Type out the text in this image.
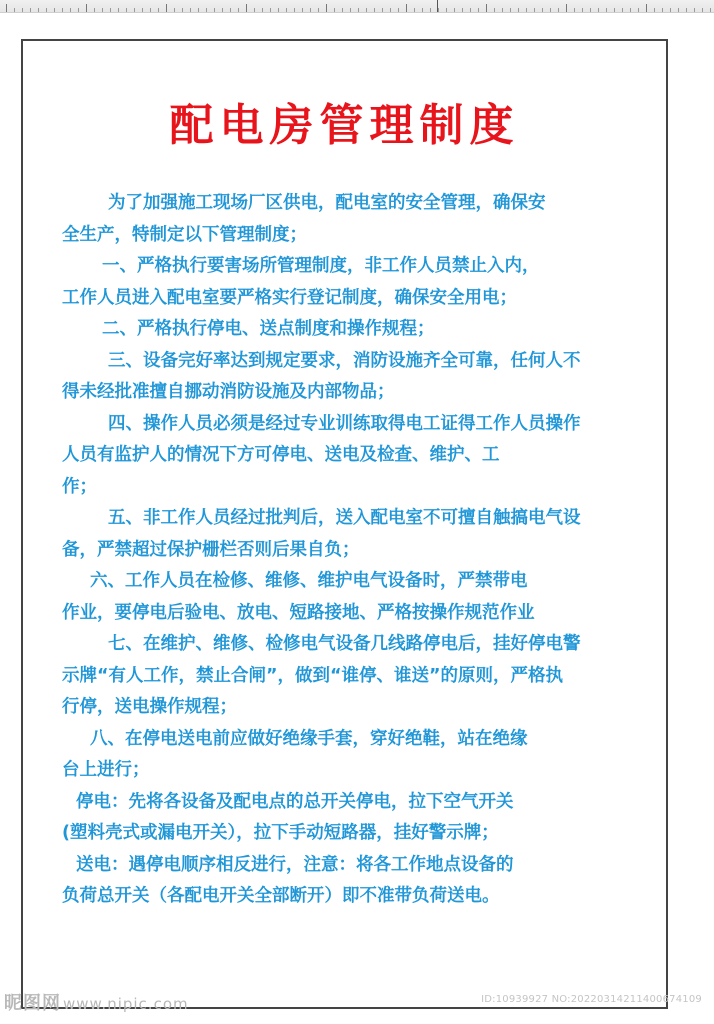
配电房管理制度
为了加强施工现场厂区供电，配电室的安全管理，确保安
全生产，特制定以下管理制度；
一、严格执行要害场所管理制度，非工作人员禁止入内，
工作人员进入配电室要严格实行登记制度，确保安全用电；
二、严格执行停电、送点制度和操作规程；
三、设备完好率达到规定要求，消防设施齐全可靠，任何人不
得未经批准擅自挪动消防设施及内部物品；
四、操作人员必须是经过专业训练取得电工证得工作人员操作
人员有监护人的情况下方可停电、送电及检查、维护、工
作；
五、非工作人员经过批判后，送入配电室不可擅自触搞电气设
备，严禁超过保护栅栏否则后果自负；
六、工作人员在检修、维修、维护电气设备时，严禁带电
作业，要停电后验电、放电、短路接地、严格按操作规范作业
七、在维护、维修、检修电气设备几线路停电后，挂好停电警
示牌“有人工作，禁止合闸”，做到“谁停、谁送”的原则，严格执
行停，送电操作规程；
八、在停电送电前应做好绝缘手套，穿好绝鞋，站在绝缘
台上进行；
停电：先将各设备及配电点的总开关停电，拉下空气开关
(塑料壳式或漏电开关），拉下手动短路器，挂好警示牌；
送电：遇停电顺序相反进行，注意：将各工作地点设备的
负荷总开关（各配电开关全部断开）即不准带负荷送电。
昵图网 www.nipic.com	ID:10939927 NO:20220314211400674109
